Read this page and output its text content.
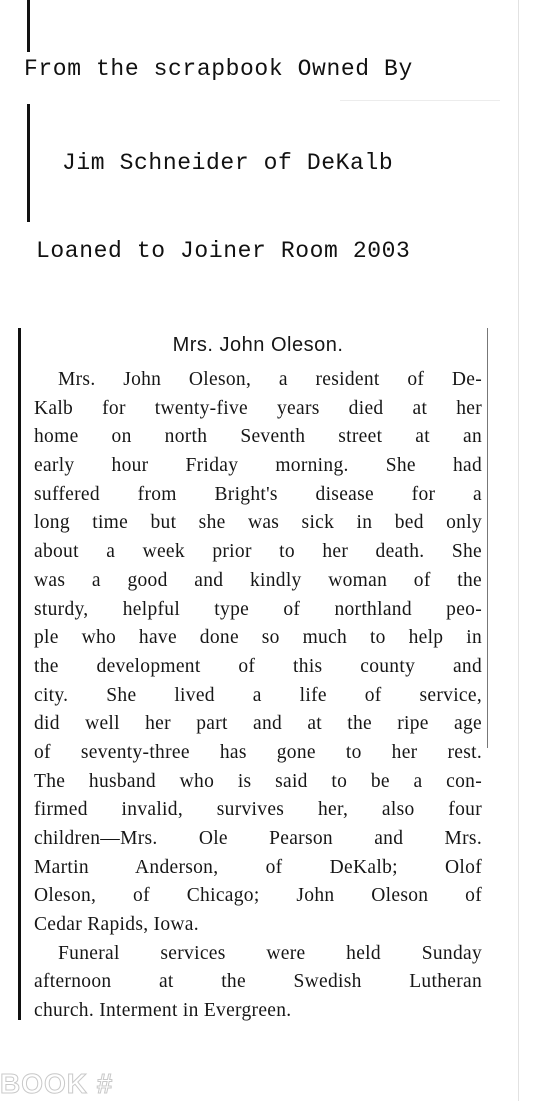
From the scrapbook Owned By
Jim Schneider of DeKalb
Loaned to Joiner Room 2003
Mrs. John Oleson.
Mrs. John Oleson, a resident of De-
Kalb for twenty-five years died at her
home on north Seventh street at an
early hour Friday morning. She had
suffered from Bright's disease for a
long time but she was sick in bed only
about a week prior to her death. She
was a good and kindly woman of the
sturdy, helpful type of northland peo-
ple who have done so much to help in
the development of this county and
city. She lived a life of service,
did well her part and at the ripe age
of seventy-three has gone to her rest.
The husband who is said to be a con-
firmed invalid, survives her, also four
children—Mrs. Ole Pearson and Mrs.
Martin Anderson, of DeKalb; Olof
Oleson, of Chicago; John Oleson of
Cedar Rapids, Iowa.
Funeral services were held Sunday
afternoon at the Swedish Lutheran
church. Interment in Evergreen.
BOOK #
